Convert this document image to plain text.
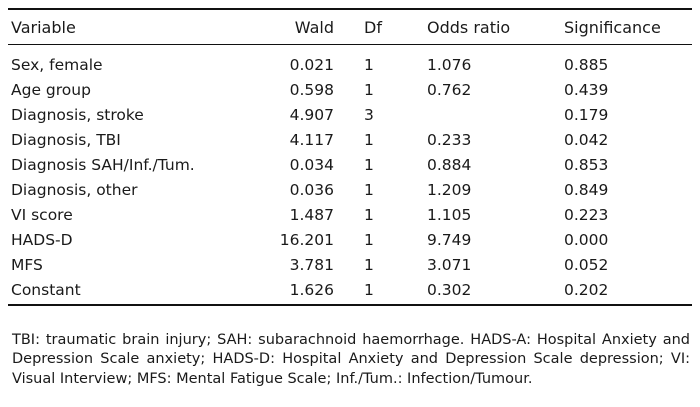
Variable	Wald		Df	Odds ratio	Significance
Sex, female	0.021		1	1.076	0.885
Age group	0.598		1	0.762	0.439
Diagnosis, stroke	4.907		3		0.179
Diagnosis, TBI	4.117		1	0.233	0.042
Diagnosis SAH/Inf./Tum.	0.034		1	0.884	0.853
Diagnosis, other	0.036		1	1.209	0.849
VI score	1.487		1	1.105	0.223
HADS-D	16.201		1	9.749	0.000
MFS	3.781		1	3.071	0.052
Constant	1.626		1	0.302	0.202

TBI: traumatic brain injury; SAH: subarachnoid haemorrhage. HADS-A: Hospital Anxiety and Depression Scale anxiety; HADS-D: Hospital Anxiety and Depression Scale depression; VI: Visual Interview; MFS: Mental Fatigue Scale; Inf./Tum.: Infection/Tumour.
